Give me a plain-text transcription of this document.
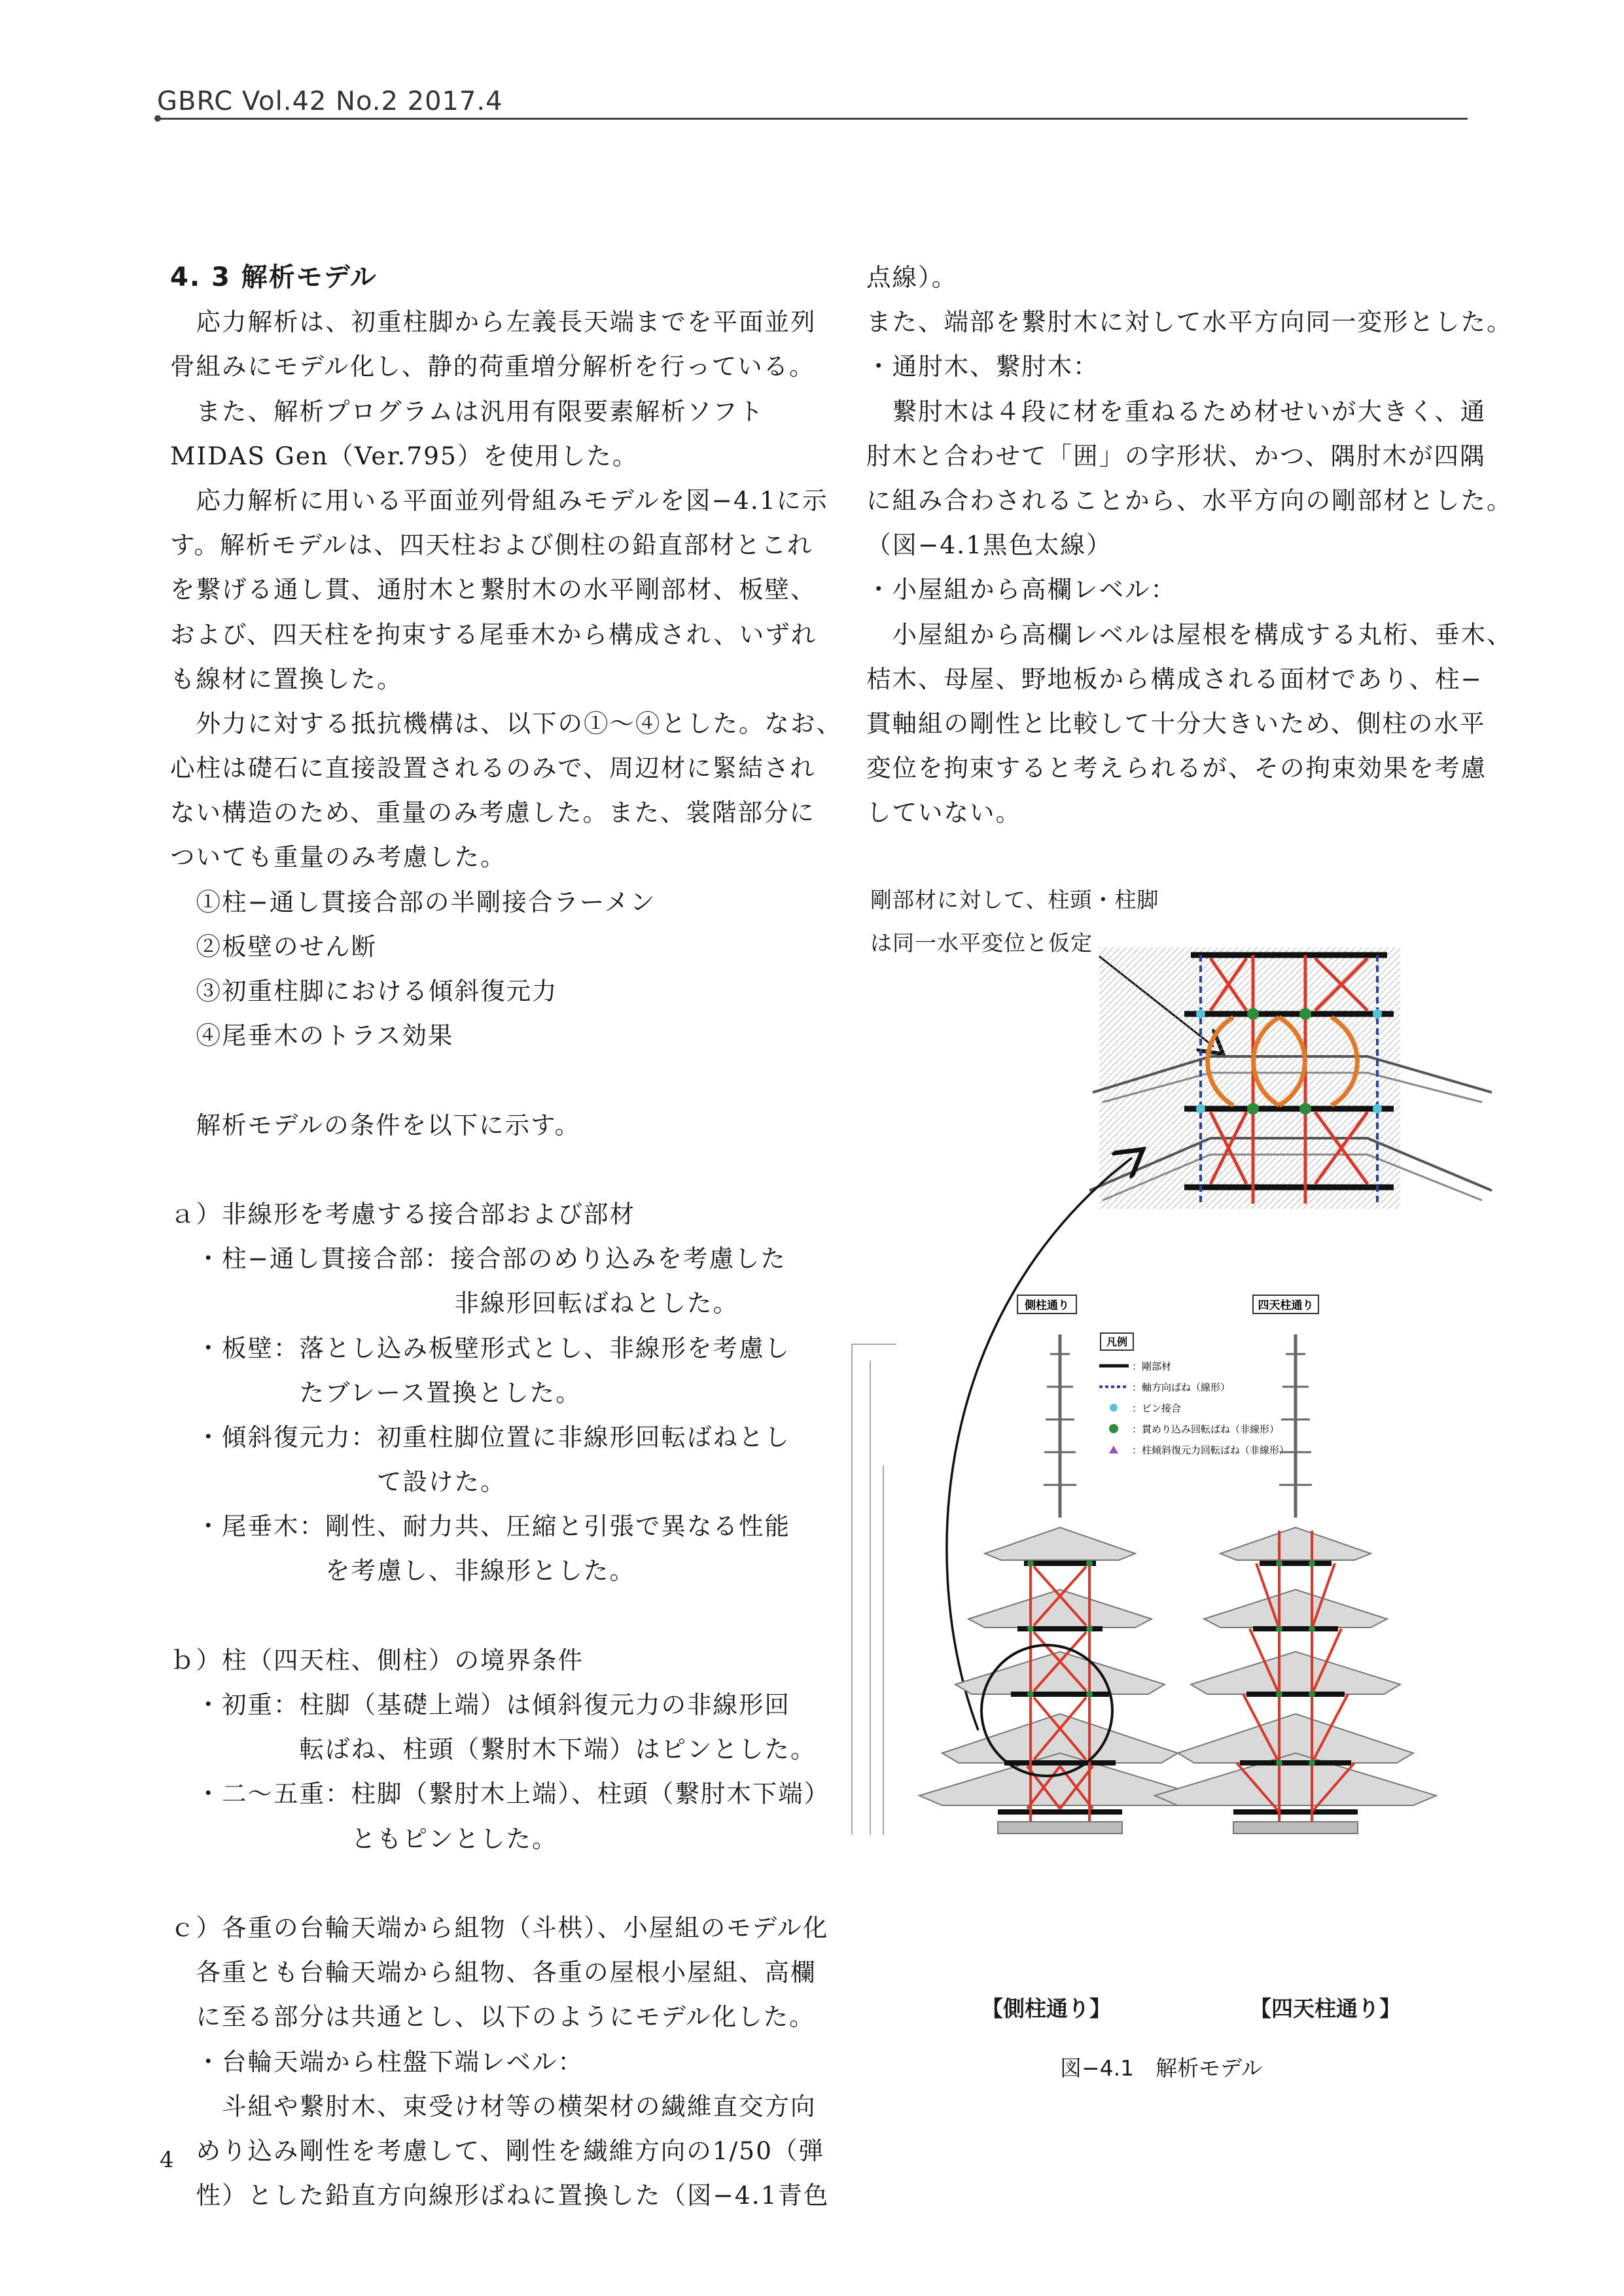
GBRC Vol.42 No.2 2017.4
4. 3 解析モデル
　応力解析は、初重柱脚から左義長天端までを平面並列
骨組みにモデル化し、静的荷重増分解析を行っている。
　また、解析プログラムは汎用有限要素解析ソフト
MIDAS Gen（Ver.795）を使用した。
　応力解析に用いる平面並列骨組みモデルを図−4.1に示
す。解析モデルは、四天柱および側柱の鉛直部材とこれ
を繋げる通し貫、通肘木と繋肘木の水平剛部材、板壁、
および、四天柱を拘束する尾垂木から構成され、いずれ
も線材に置換した。
　外力に対する抵抗機構は、以下の①〜④とした。なお、
心柱は礎石に直接設置されるのみで、周辺材に緊結され
ない構造のため、重量のみ考慮した。また、裳階部分に
ついても重量のみ考慮した。
　①柱−通し貫接合部の半剛接合ラーメン
　②板壁のせん断
　③初重柱脚における傾斜復元力
　④尾垂木のトラス効果
　解析モデルの条件を以下に示す。
ａ）非線形を考慮する接合部および部材
　・柱−通し貫接合部：接合部のめり込みを考慮した
　　　　　　　　　　　非線形回転ばねとした。
　・板壁：落とし込み板壁形式とし、非線形を考慮し
　　　　　たブレース置換とした。
　・傾斜復元力：初重柱脚位置に非線形回転ばねとし
　　　　　　　　て設けた。
　・尾垂木：剛性、耐力共、圧縮と引張で異なる性能
　　　　　　を考慮し、非線形とした。
ｂ）柱（四天柱、側柱）の境界条件
　・初重：柱脚（基礎上端）は傾斜復元力の非線形回
　　　　　転ばね、柱頭（繋肘木下端）はピンとした。
　・二〜五重：柱脚（繋肘木上端）、柱頭（繋肘木下端）
　　　　　　　ともピンとした。
ｃ）各重の台輪天端から組物（斗栱）、小屋組のモデル化
　各重とも台輪天端から組物、各重の屋根小屋組、高欄
　に至る部分は共通とし、以下のようにモデル化した。
　・台輪天端から柱盤下端レベル：
　　斗組や繋肘木、束受け材等の横架材の繊維直交方向
　めり込み剛性を考慮して、剛性を繊維方向の1/50（弾
　性）とした鉛直方向線形ばねに置換した（図−4.1青色
点線）。
また、端部を繋肘木に対して水平方向同一変形とした。
・通肘木、繋肘木：
　繋肘木は４段に材を重ねるため材せいが大きく、通
肘木と合わせて「囲」の字形状、かつ、隅肘木が四隅
に組み合わされることから、水平方向の剛部材とした。
（図−4.1黒色太線）
・小屋組から高欄レベル：
　小屋組から高欄レベルは屋根を構成する丸桁、垂木、
桔木、母屋、野地板から構成される面材であり、柱−
貫軸組の剛性と比較して十分大きいため、側柱の水平
変位を拘束すると考えられるが、その拘束効果を考慮
していない。
剛部材に対して、柱頭・柱脚
は同一水平変位と仮定
側柱通り	四天柱通り
凡例
：剛部材
：軸方向ばね（線形）
：ピン接合
：貫めり込み回転ばね（非線形）
：柱傾斜復元力回転ばね（非線形）
【側柱通り】	【四天柱通り】
図−4.1　解析モデル
4
